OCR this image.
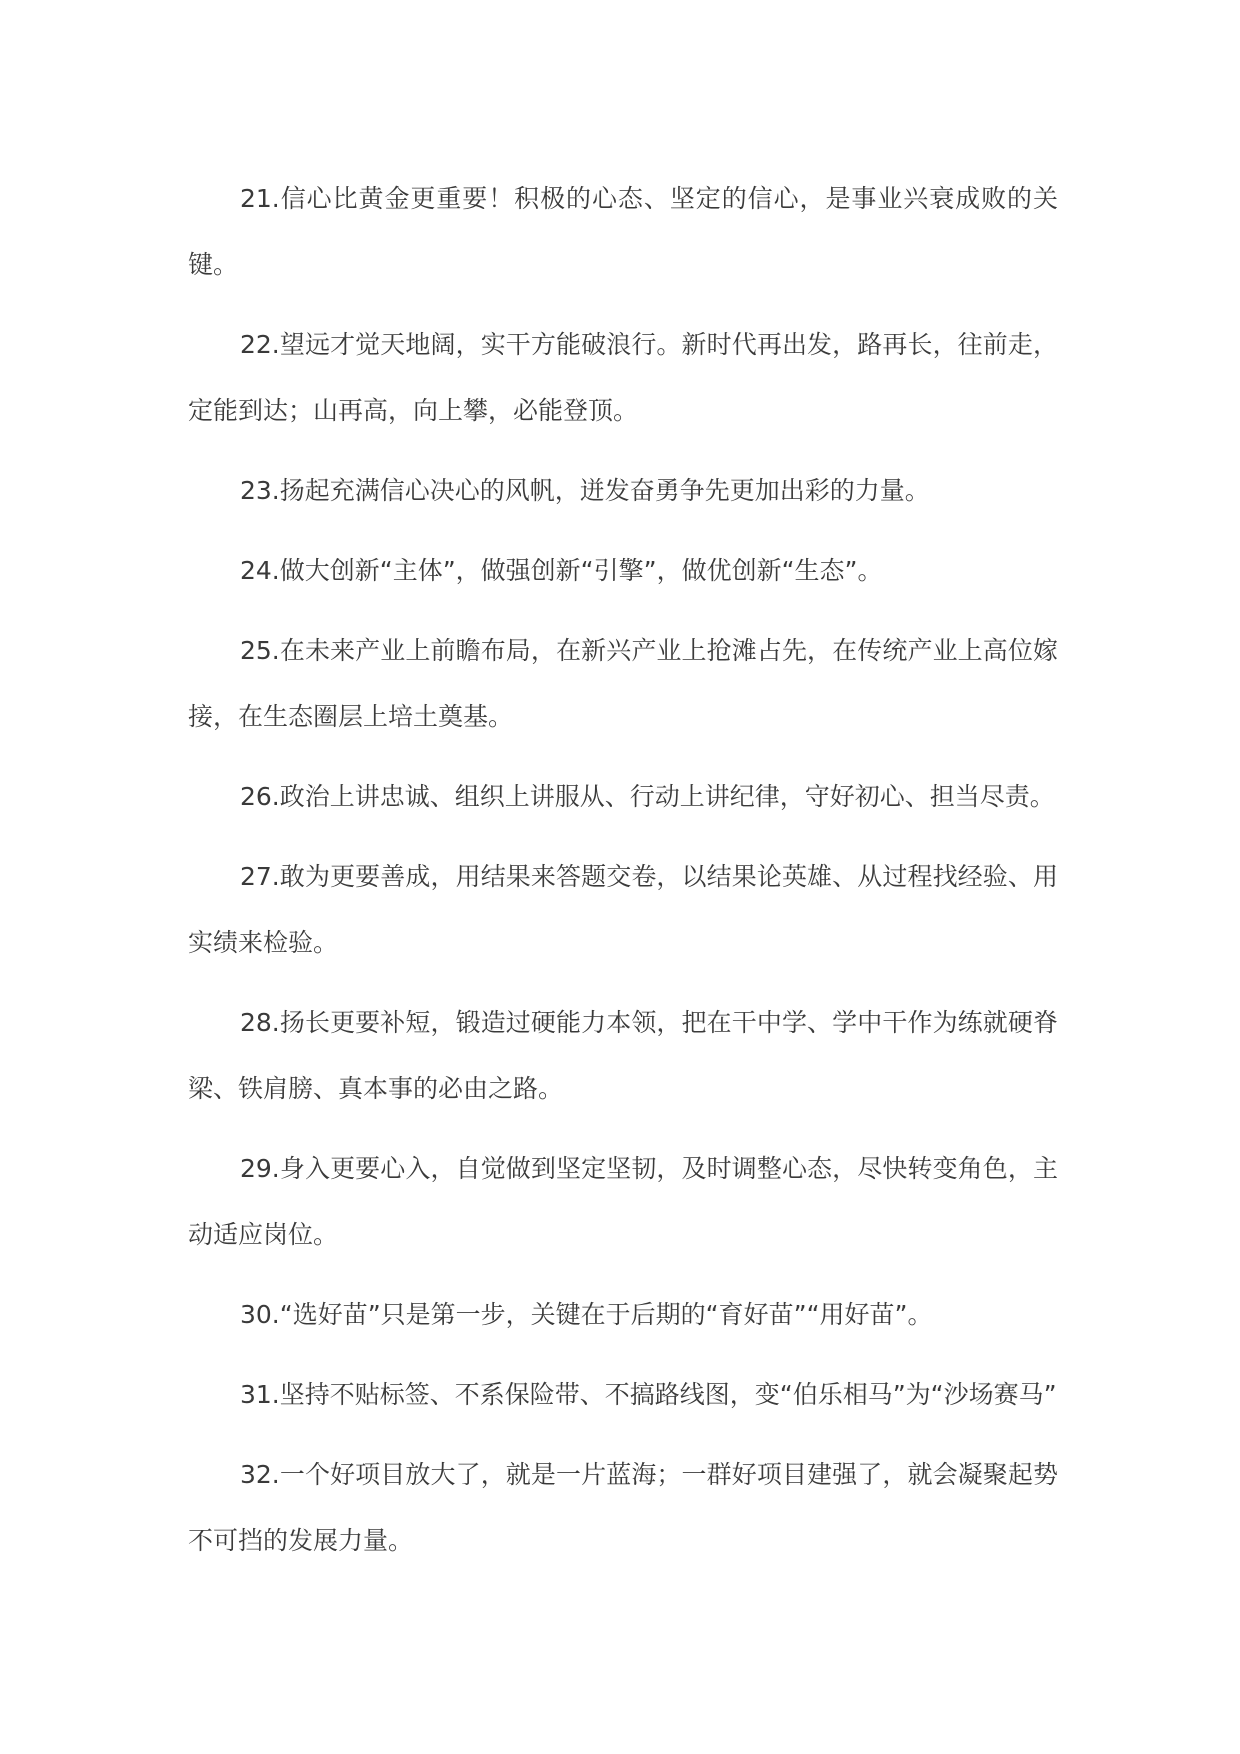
21.信心比黄金更重要！积极的心态、坚定的信心，是事业兴衰成败的关键。

22.望远才觉天地阔，实干方能破浪行。新时代再出发，路再长，往前走，定能到达；山再高，向上攀，必能登顶。

23.扬起充满信心决心的风帆，迸发奋勇争先更加出彩的力量。

24.做大创新“主体”，做强创新“引擎”，做优创新“生态”。

25.在未来产业上前瞻布局，在新兴产业上抢滩占先，在传统产业上高位嫁接，在生态圈层上培土奠基。

26.政治上讲忠诚、组织上讲服从、行动上讲纪律，守好初心、担当尽责。

27.敢为更要善成，用结果来答题交卷，以结果论英雄、从过程找经验、用实绩来检验。

28.扬长更要补短，锻造过硬能力本领，把在干中学、学中干作为练就硬脊梁、铁肩膀、真本事的必由之路。

29.身入更要心入，自觉做到坚定坚韧，及时调整心态，尽快转变角色，主动适应岗位。

30.“选好苗”只是第一步，关键在于后期的“育好苗”“用好苗”。

31.坚持不贴标签、不系保险带、不搞路线图，变“伯乐相马”为“沙场赛马”

32.一个好项目放大了，就是一片蓝海；一群好项目建强了，就会凝聚起势不可挡的发展力量。
